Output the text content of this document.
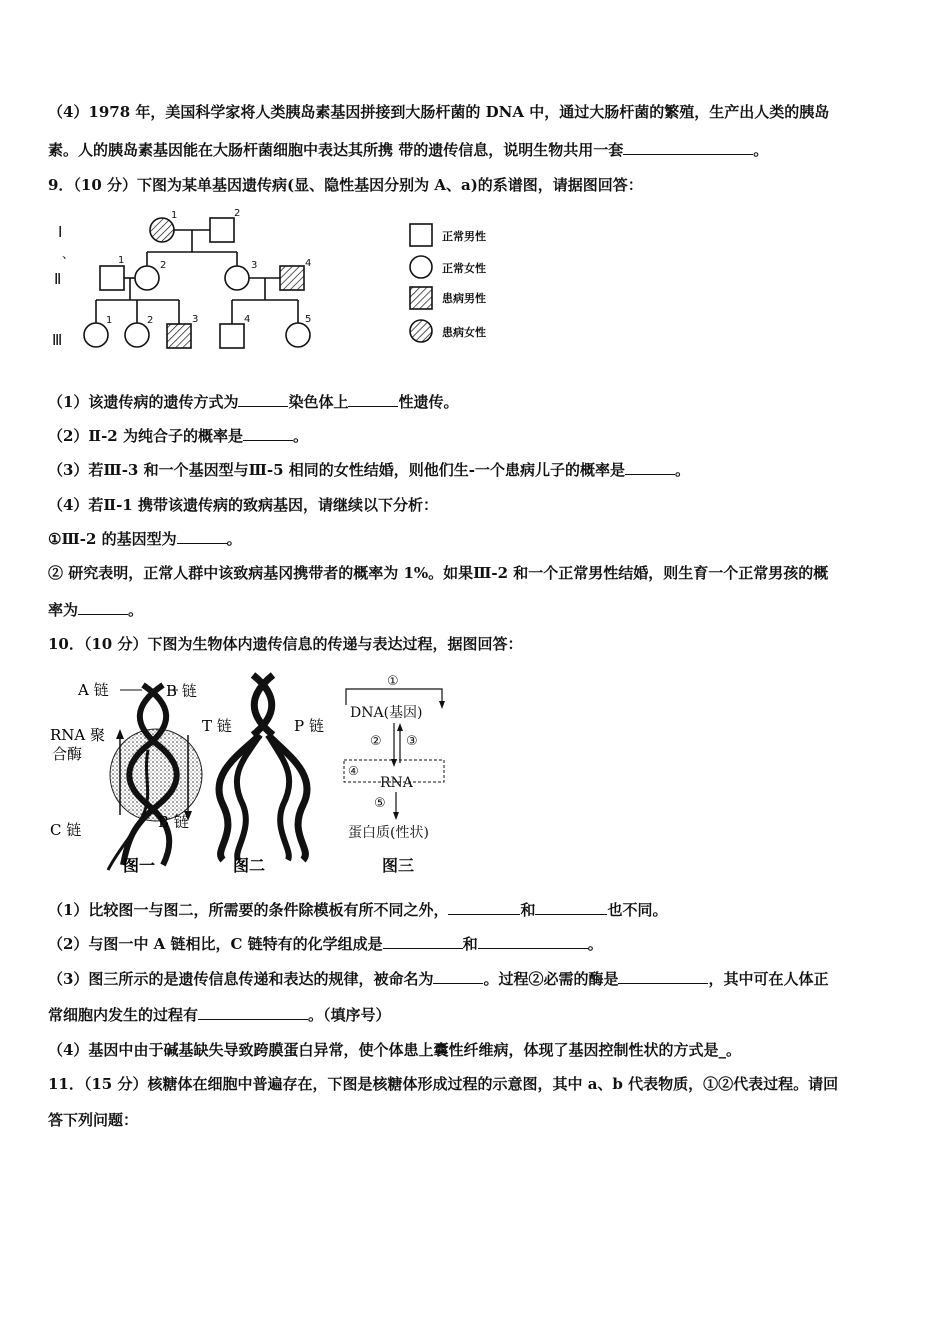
（4）1978 年，美国科学家将人类胰岛素基因拼接到大肠杆菌的 DNA 中，通过大肠杆菌的繁殖，生产出人类的胰岛
素。人的胰岛素基因能在大肠杆菌细胞中表达其所携 带的遗传信息，说明生物共用一套	。
9．（10 分）下图为某单基因遗传病(显、隐性基因分别为 A、a)的系谱图，请据图回答：
Ⅰ
、
Ⅱ
Ⅲ
1	2
1	2	3	4
1	2	3	4	5
正常男性
正常女性
患病男性
患病女性
（1）该遗传病的遗传方式为	染色体上	性遗传。
（2）Ⅱ-2 为纯合子的概率是	。
（3）若Ⅲ-3 和一个基因型与Ⅲ-5 相同的女性结婚，则他们生-一个患病儿子的概率是	。
（4）若Ⅱ-1 携带该遗传病的致病基因，请继续以下分析：
①Ⅲ-2 的基因型为	。
② 研究表明，正常人群中该致病基冈携带者的概率为 1%。如果Ⅲ-2 和一个正常男性结婚，则生育一个正常男孩的概
率为	。
10．（10 分）下图为生物体内遗传信息的传递与表达过程，据图回答：
A 链	B 链
RNA 聚
合酶
C 链	B 链
图一
T 链	P 链
图二
①
DNA(基因)
② ③
④
RNA
⑤
蛋白质(性状)
图三
（1）比较图一与图二，所需要的条件除模板有所不同之外，	和	也不同。
（2）与图一中 A 链相比，C 链特有的化学组成是	和	。
（3）图三所示的是遗传信息传递和表达的规律，被命名为	。过程②必需的酶是	，其中可在人体正
常细胞内发生的过程有	。（填序号）
（4）基因中由于碱基缺失导致跨膜蛋白异常，使个体患上囊性纤维病，体现了基因控制性状的方式是_。
11．（15 分）核糖体在细胞中普遍存在，下图是核糖体形成过程的示意图，其中 a、b 代表物质，①②代表过程。请回
答下列问题：
